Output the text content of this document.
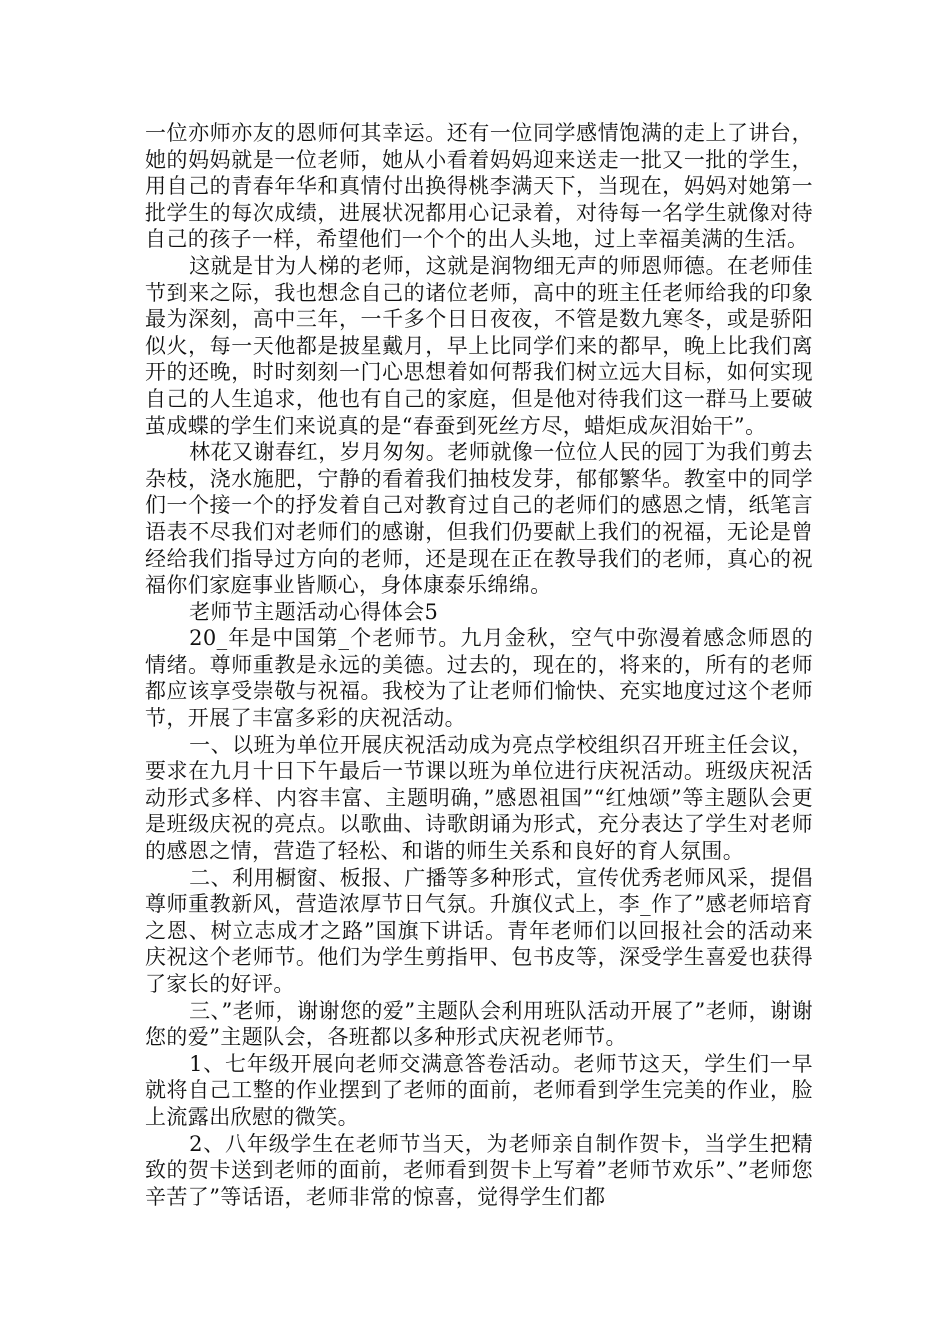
一位亦师亦友的恩师何其幸运。还有一位同学感情饱满的走上了讲台，她的妈妈就是一位老师，她从小看着妈妈迎来送走一批又一批的学生，用自己的青春年华和真情付出换得桃李满天下，当现在，妈妈对她第一批学生的每次成绩，进展状况都用心记录着，对待每一名学生就像对待自己的孩子一样，希望他们一个个的出人头地，过上幸福美满的生活。

这就是甘为人梯的老师，这就是润物细无声的师恩师德。在老师佳节到来之际，我也想念自己的诸位老师，高中的班主任老师给我的印象最为深刻，高中三年，一千多个日日夜夜，不管是数九寒冬，或是骄阳似火，每一天他都是披星戴月，早上比同学们来的都早，晚上比我们离开的还晚，时时刻刻一门心思想着如何帮我们树立远大目标，如何实现自己的人生追求，他也有自己的家庭，但是他对待我们这一群马上要破茧成蝶的学生们来说真的是“春蚕到死丝方尽，蜡炬成灰泪始干”。

林花又谢春红，岁月匆匆。老师就像一位位人民的园丁为我们剪去杂枝，浇水施肥，宁静的看着我们抽枝发芽，郁郁繁华。教室中的同学们一个接一个的抒发着自己对教育过自己的老师们的感恩之情，纸笔言语表不尽我们对老师们的感谢，但我们仍要献上我们的祝福，无论是曾经给我们指导过方向的老师，还是现在正在教导我们的老师，真心的祝福你们家庭事业皆顺心，身体康泰乐绵绵。

老师节主题活动心得体会5

20_年是中国第_个老师节。九月金秋，空气中弥漫着感念师恩的情绪。尊师重教是永远的美德。过去的，现在的，将来的，所有的老师都应该享受崇敬与祝福。我校为了让老师们愉快、充实地度过这个老师节，开展了丰富多彩的庆祝活动。

一、以班为单位开展庆祝活动成为亮点学校组织召开班主任会议，要求在九月十日下午最后一节课以班为单位进行庆祝活动。班级庆祝活动形式多样、内容丰富、主题明确，”感恩祖国”“红烛颂”等主题队会更是班级庆祝的亮点。以歌曲、诗歌朗诵为形式，充分表达了学生对老师的感恩之情，营造了轻松、和谐的师生关系和良好的育人氛围。

二、利用橱窗、板报、广播等多种形式，宣传优秀老师风采，提倡尊师重教新风，营造浓厚节日气氛。升旗仪式上，李_作了”感老师培育之恩、树立志成才之路”国旗下讲话。青年老师们以回报社会的活动来庆祝这个老师节。他们为学生剪指甲、包书皮等，深受学生喜爱也获得了家长的好评。

三、”老师，谢谢您的爱”主题队会利用班队活动开展了”老师，谢谢您的爱”主题队会，各班都以多种形式庆祝老师节。

1、七年级开展向老师交满意答卷活动。老师节这天，学生们一早就将自己工整的作业摆到了老师的面前，老师看到学生完美的作业，脸上流露出欣慰的微笑。

2、八年级学生在老师节当天，为老师亲自制作贺卡，当学生把精致的贺卡送到老师的面前，老师看到贺卡上写着”老师节欢乐”、”老师您辛苦了”等话语，老师非常的惊喜，觉得学生们都
